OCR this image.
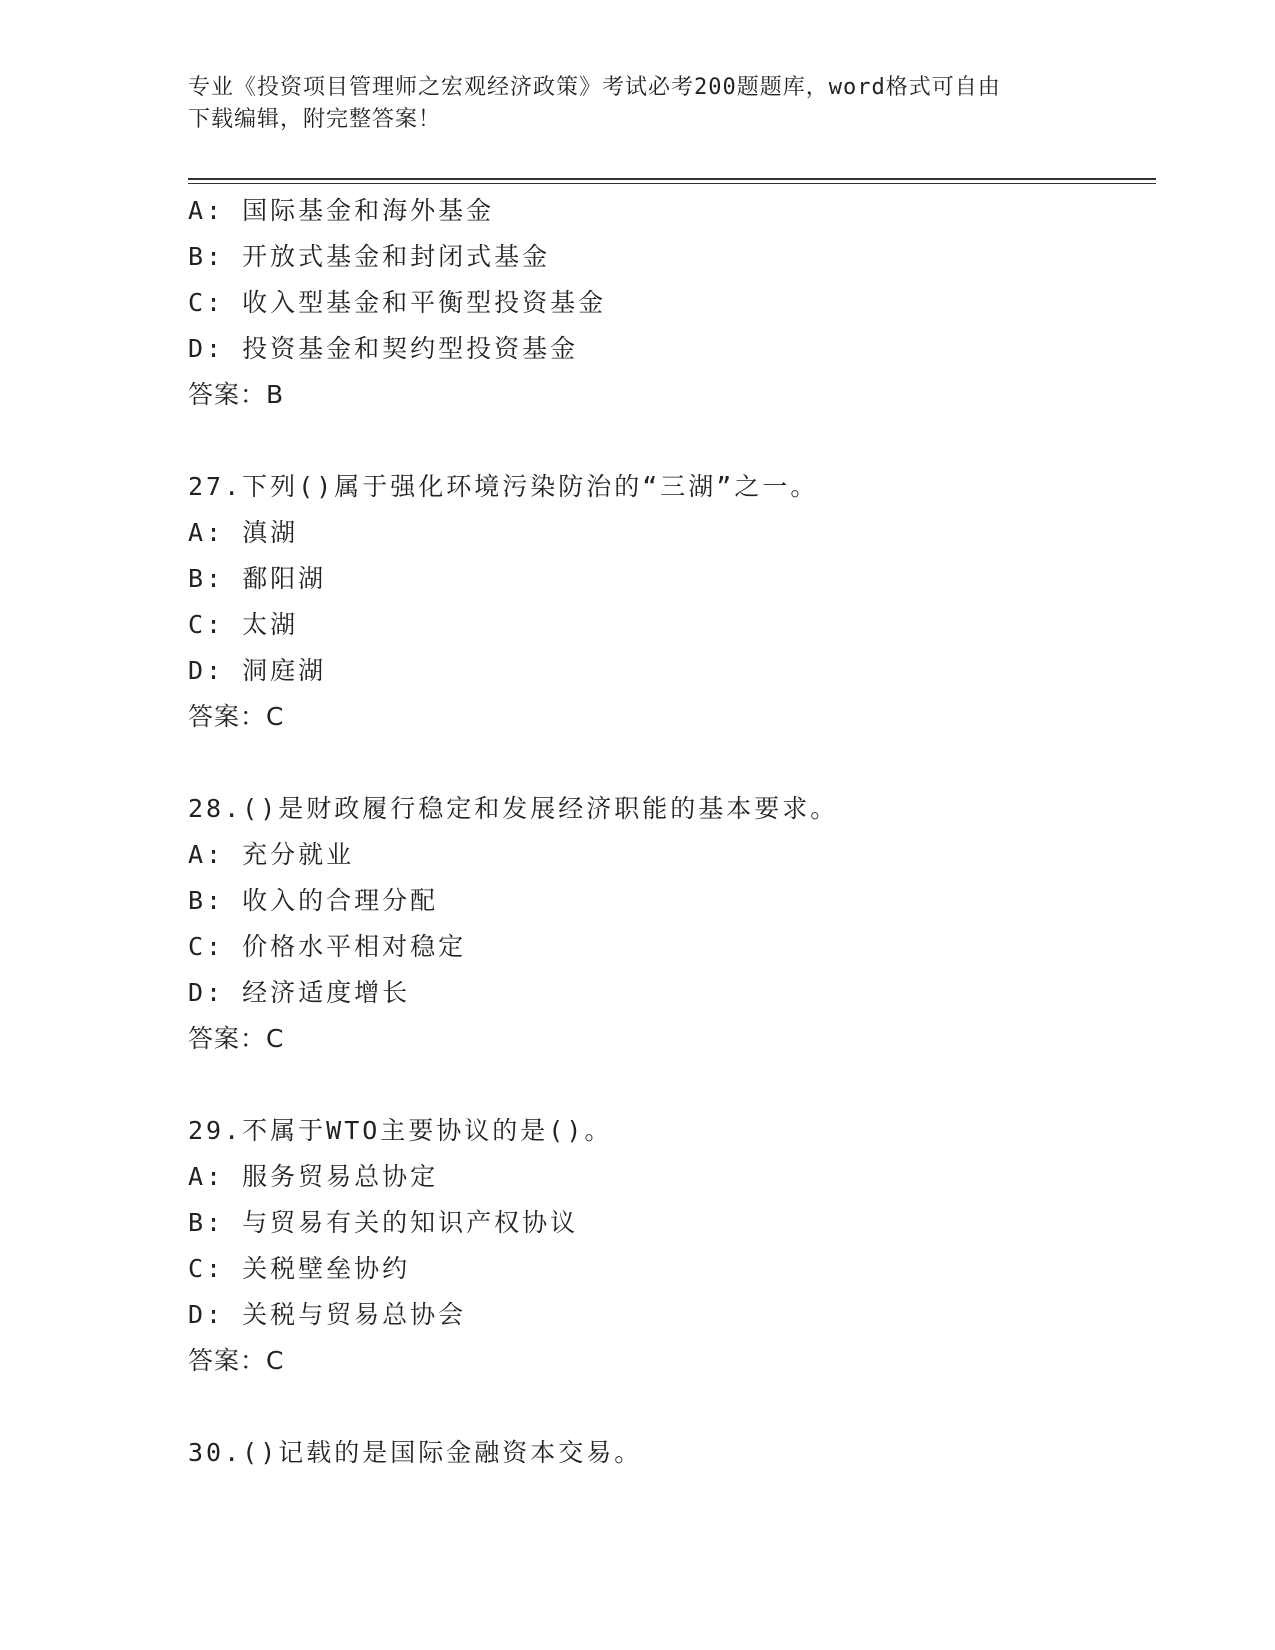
专业《投资项目管理师之宏观经济政策》考试必考200题题库，word格式可自由
下载编辑，附完整答案！
A: 国际基金和海外基金
B: 开放式基金和封闭式基金
C: 收入型基金和平衡型投资基金
D: 投资基金和契约型投资基金
答案：B
27.下列()属于强化环境污染防治的“三湖”之一。
A: 滇湖
B: 鄱阳湖
C: 太湖
D: 洞庭湖
答案：C
28.()是财政履行稳定和发展经济职能的基本要求。
A: 充分就业
B: 收入的合理分配
C: 价格水平相对稳定
D: 经济适度增长
答案：C
29.不属于WTO主要协议的是()。
A: 服务贸易总协定
B: 与贸易有关的知识产权协议
C: 关税壁垒协约
D: 关税与贸易总协会
答案：C
30.()记载的是国际金融资本交易。
